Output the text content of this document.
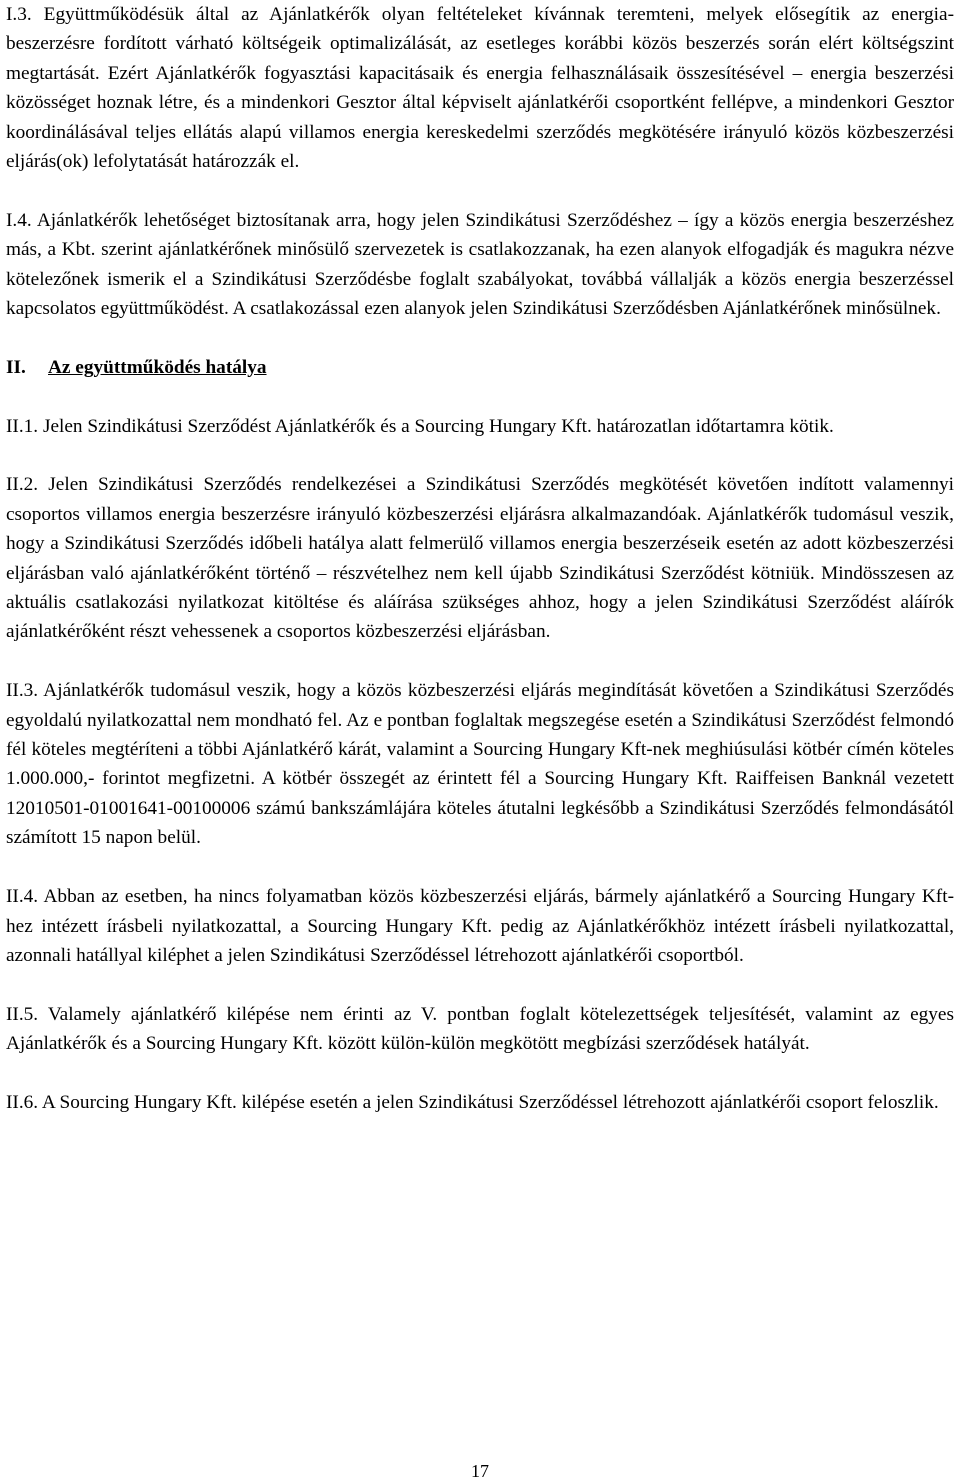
I.3. Együttműködésük által az Ajánlatkérők olyan feltételeket kívánnak teremteni, melyek elősegítik az energia-beszerzésre fordított várható költségeik optimalizálását, az esetleges korábbi közös beszerzés során elért költségszint megtartását. Ezért Ajánlatkérők fogyasztási kapacitásaik és energia felhasználásaik összesítésével – energia beszerzési közösséget hoznak létre, és a mindenkori Gesztor által képviselt ajánlatkérői csoportként fellépve, a mindenkori Gesztor koordinálásával teljes ellátás alapú villamos energia kereskedelmi szerződés megkötésére irányuló közös közbeszerzési eljárás(ok) lefolytatását határozzák el.

I.4. Ajánlatkérők lehetőséget biztosítanak arra, hogy jelen Szindikátusi Szerződéshez – így a közös energia beszerzéshez más, a Kbt. szerint ajánlatkérőnek minősülő szervezetek is csatlakozzanak, ha ezen alanyok elfogadják és magukra nézve kötelezőnek ismerik el a Szindikátusi Szerződésbe foglalt szabályokat, továbbá vállalják a közös energia beszerzéssel kapcsolatos együttműködést. A csatlakozással ezen alanyok jelen Szindikátusi Szerződésben Ajánlatkérőnek minősülnek.

II. Az együttműködés hatálya

II.1. Jelen Szindikátusi Szerződést Ajánlatkérők és a Sourcing Hungary Kft. határozatlan időtartamra kötik.

II.2. Jelen Szindikátusi Szerződés rendelkezései a Szindikátusi Szerződés megkötését követően indított valamennyi csoportos villamos energia beszerzésre irányuló közbeszerzési eljárásra alkalmazandóak. Ajánlatkérők tudomásul veszik, hogy a Szindikátusi Szerződés időbeli hatálya alatt felmerülő villamos energia beszerzéseik esetén az adott közbeszerzési eljárásban való ajánlatkérőként történő – részvételhez nem kell újabb Szindikátusi Szerződést kötniük. Mindösszesen az aktuális csatlakozási nyilatkozat kitöltése és aláírása szükséges ahhoz, hogy a jelen Szindikátusi Szerződést aláírók ajánlatkérőként részt vehessenek a csoportos közbeszerzési eljárásban.

II.3. Ajánlatkérők tudomásul veszik, hogy a közös közbeszerzési eljárás megindítását követően a Szindikátusi Szerződés egyoldalú nyilatkozattal nem mondható fel. Az e pontban foglaltak megszegése esetén a Szindikátusi Szerződést felmondó fél köteles megtéríteni a többi Ajánlatkérő kárát, valamint a Sourcing Hungary Kft-nek meghiúsulási kötbér címén köteles 1.000.000,- forintot megfizetni. A kötbér összegét az érintett fél a Sourcing Hungary Kft. Raiffeisen Banknál vezetett 12010501-01001641-00100006 számú bankszámlájára köteles átutalni legkésőbb a Szindikátusi Szerződés felmondásától számított 15 napon belül.

II.4. Abban az esetben, ha nincs folyamatban közös közbeszerzési eljárás, bármely ajánlatkérő a Sourcing Hungary Kft-hez intézett írásbeli nyilatkozattal, a Sourcing Hungary Kft. pedig az Ajánlatkérőkhöz intézett írásbeli nyilatkozattal, azonnali hatállyal kiléphet a jelen Szindikátusi Szerződéssel létrehozott ajánlatkérői csoportból.

II.5. Valamely ajánlatkérő kilépése nem érinti az V. pontban foglalt kötelezettségek teljesítését, valamint az egyes Ajánlatkérők és a Sourcing Hungary Kft. között külön-külön megkötött megbízási szerződések hatályát.

II.6. A Sourcing Hungary Kft. kilépése esetén a jelen Szindikátusi Szerződéssel létrehozott ajánlatkérői csoport feloszlik.

17
